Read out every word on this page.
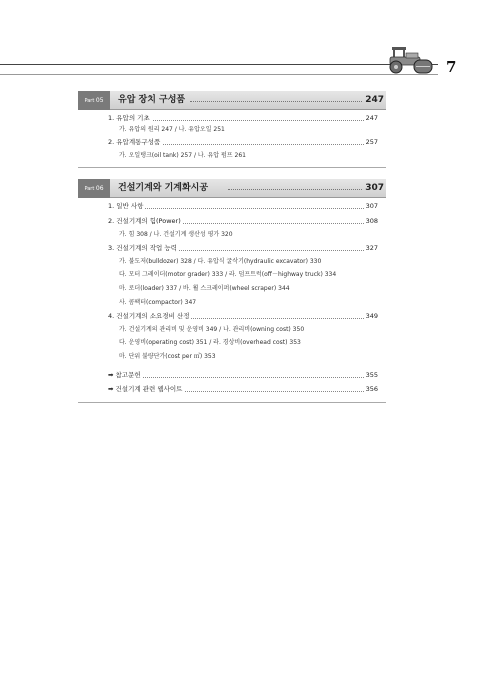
7
Part 05	유압 장치 구성품	247
1. 유압의 기초	247
가. 유압의 원리 247 / 나. 유압오일 251
2. 유압계통구성품	257
가. 오일탱크(oil tank) 257 / 나. 유압 펌프 261
Part 06	건설기계와 기계화시공	307
1. 일반 사항	307
2. 건설기계의 힘(Power)	308
가. 힘 308 / 나. 건설기계 생산성 평가 320
3. 건설기계의 작업 능력	327
가. 불도저(bulldozer) 328 / 다. 유압식 굴삭기(hydraulic excavator) 330
다. 모터 그레이더(motor grader) 333 / 라. 덤프트럭(off－highway truck) 334
마. 로더(loader) 337 / 바. 휠 스크레이퍼(wheel scraper) 344
사. 콤팩터(compactor) 347
4. 건설기계의 소요경비 산정	349
가. 건설기계의 관리비 및 운영비 349 / 나. 관리비(owning cost) 350
다. 운영비(operating cost) 351 / 라. 경상비(overhead cost) 353
마. 단위 불량단가(cost per ㎥) 353
➡ 참고문헌	355
➡ 건설기계 관련 웹사이트	356
